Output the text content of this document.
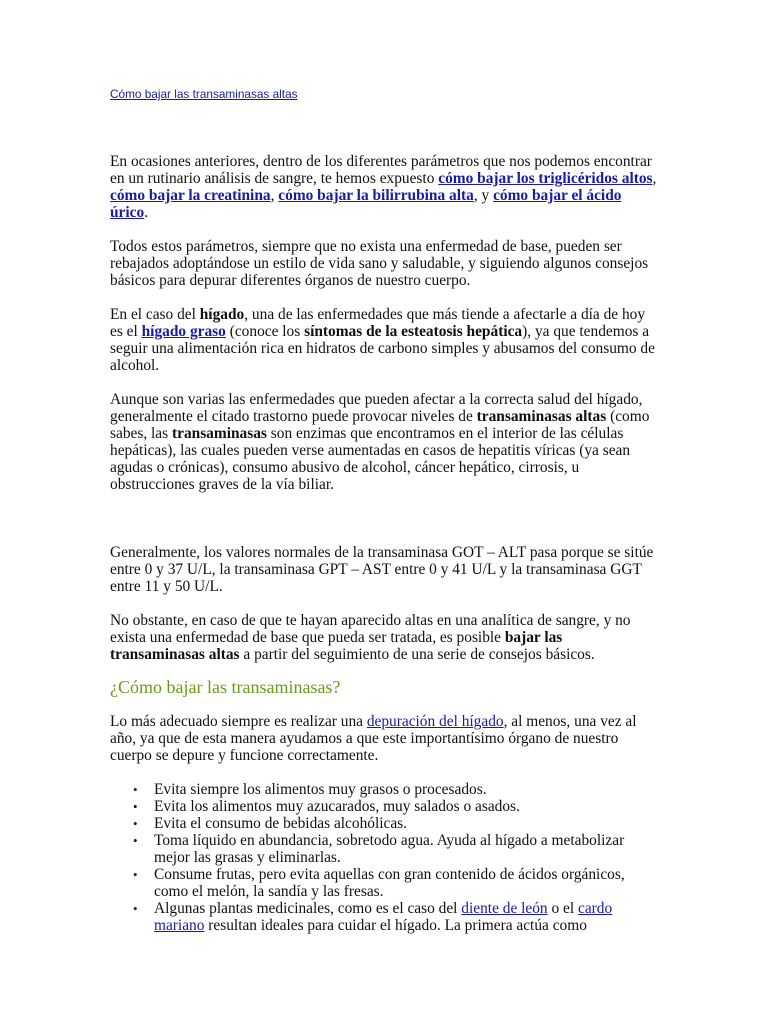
Cómo bajar las transaminasas altas

En ocasiones anteriores, dentro de los diferentes parámetros que nos podemos encontrar en un rutinario análisis de sangre, te hemos expuesto cómo bajar los triglicéridos altos, cómo bajar la creatinina, cómo bajar la bilirrubina alta, y cómo bajar el ácido úrico.

Todos estos parámetros, siempre que no exista una enfermedad de base, pueden ser rebajados adoptándose un estilo de vida sano y saludable, y siguiendo algunos consejos básicos para depurar diferentes órganos de nuestro cuerpo.

En el caso del hígado, una de las enfermedades que más tiende a afectarle a día de hoy es el hígado graso (conoce los síntomas de la esteatosis hepática), ya que tendemos a seguir una alimentación rica en hidratos de carbono simples y abusamos del consumo de alcohol.

Aunque son varias las enfermedades que pueden afectar a la correcta salud del hígado, generalmente el citado trastorno puede provocar niveles de transaminasas altas (como sabes, las transaminasas son enzimas que encontramos en el interior de las células hepáticas), las cuales pueden verse aumentadas en casos de hepatitis víricas (ya sean agudas o crónicas), consumo abusivo de alcohol, cáncer hepático, cirrosis, u obstrucciones graves de la vía biliar.

Generalmente, los valores normales de la transaminasa GOT – ALT pasa porque se sitúe entre 0 y 37 U/L, la transaminasa GPT – AST entre 0 y 41 U/L y la transaminasa GGT entre 11 y 50 U/L.

No obstante, en caso de que te hayan aparecido altas en una analítica de sangre, y no exista una enfermedad de base que pueda ser tratada, es posible bajar las transaminasas altas a partir del seguimiento de una serie de consejos básicos.

¿Cómo bajar las transaminasas?

Lo más adecuado siempre es realizar una depuración del hígado, al menos, una vez al año, ya que de esta manera ayudamos a que este importantísimo órgano de nuestro cuerpo se depure y funcione correctamente.

• Evita siempre los alimentos muy grasos o procesados.
• Evita los alimentos muy azucarados, muy salados o asados.
• Evita el consumo de bebidas alcohólicas.
• Toma líquido en abundancia, sobretodo agua. Ayuda al hígado a metabolizar mejor las grasas y eliminarlas.
• Consume frutas, pero evita aquellas con gran contenido de ácidos orgánicos, como el melón, la sandía y las fresas.
• Algunas plantas medicinales, como es el caso del diente de león o el cardo mariano resultan ideales para cuidar el hígado. La primera actúa como
